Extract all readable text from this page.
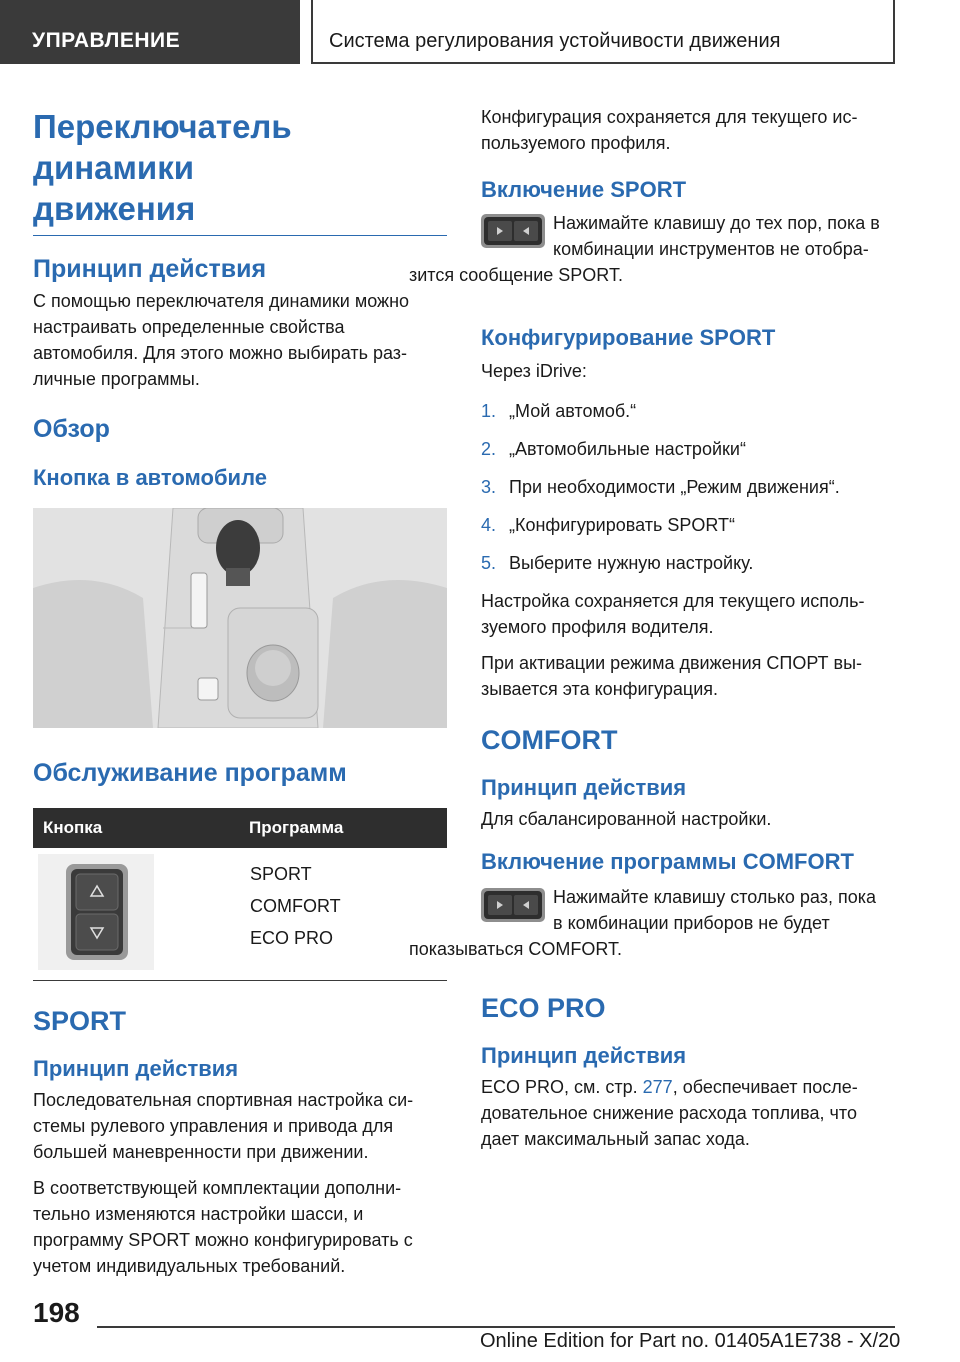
УПРАВЛЕНИЕ	Система регулирования устойчивости движения
Переключатель динамики
движения
Принцип действия

С помощью переключателя динамики можно
настраивать определенные свойства
автомобиля. Для этого можно выбирать раз-
личные программы.

Обзор
Кнопка в автомобиле
Обслуживание программ
Кнопка	Программа
SPORT
COMFORT
ECO PRO
SPORT
Принцип действия

Последовательная спортивная настройка си-
стемы рулевого управления и привода для
большей маневренности при движении.

В соответствующей комплектации дополни-
тельно изменяются настройки шасси, и
программу SPORT можно конфигурировать с
учетом индивидуальных требований.

Конфигурация сохраняется для текущего ис-
пользуемого профиля.

Включение SPORT

Нажимайте клавишу до тех пор, пока в
комбинации инструментов не отобра-
зится сообщение SPORT.

Конфигурирование SPORT

Через iDrive:

1. „Мой автомоб.“
2. „Автомобильные настройки“
3. При необходимости „Режим движения“.
4. „Конфигурировать SPORT“
5. Выберите нужную настройку.

Настройка сохраняется для текущего исполь-
зуемого профиля водителя.

При активации режима движения СПОРТ вы-
зывается эта конфигурация.

COMFORT
Принцип действия

Для сбалансированной настройки.

Включение программы COMFORT

Нажимайте клавишу столько раз, пока
в комбинации приборов не будет
показываться COMFORT.

ECO PRO
Принцип действия

ECO PRO, см. стр. 277, обеспечивает после-
довательное снижение расхода топлива, что
дает максимальный запас хода.

198
Online Edition for Part no. 01405A1E738 - X/20
